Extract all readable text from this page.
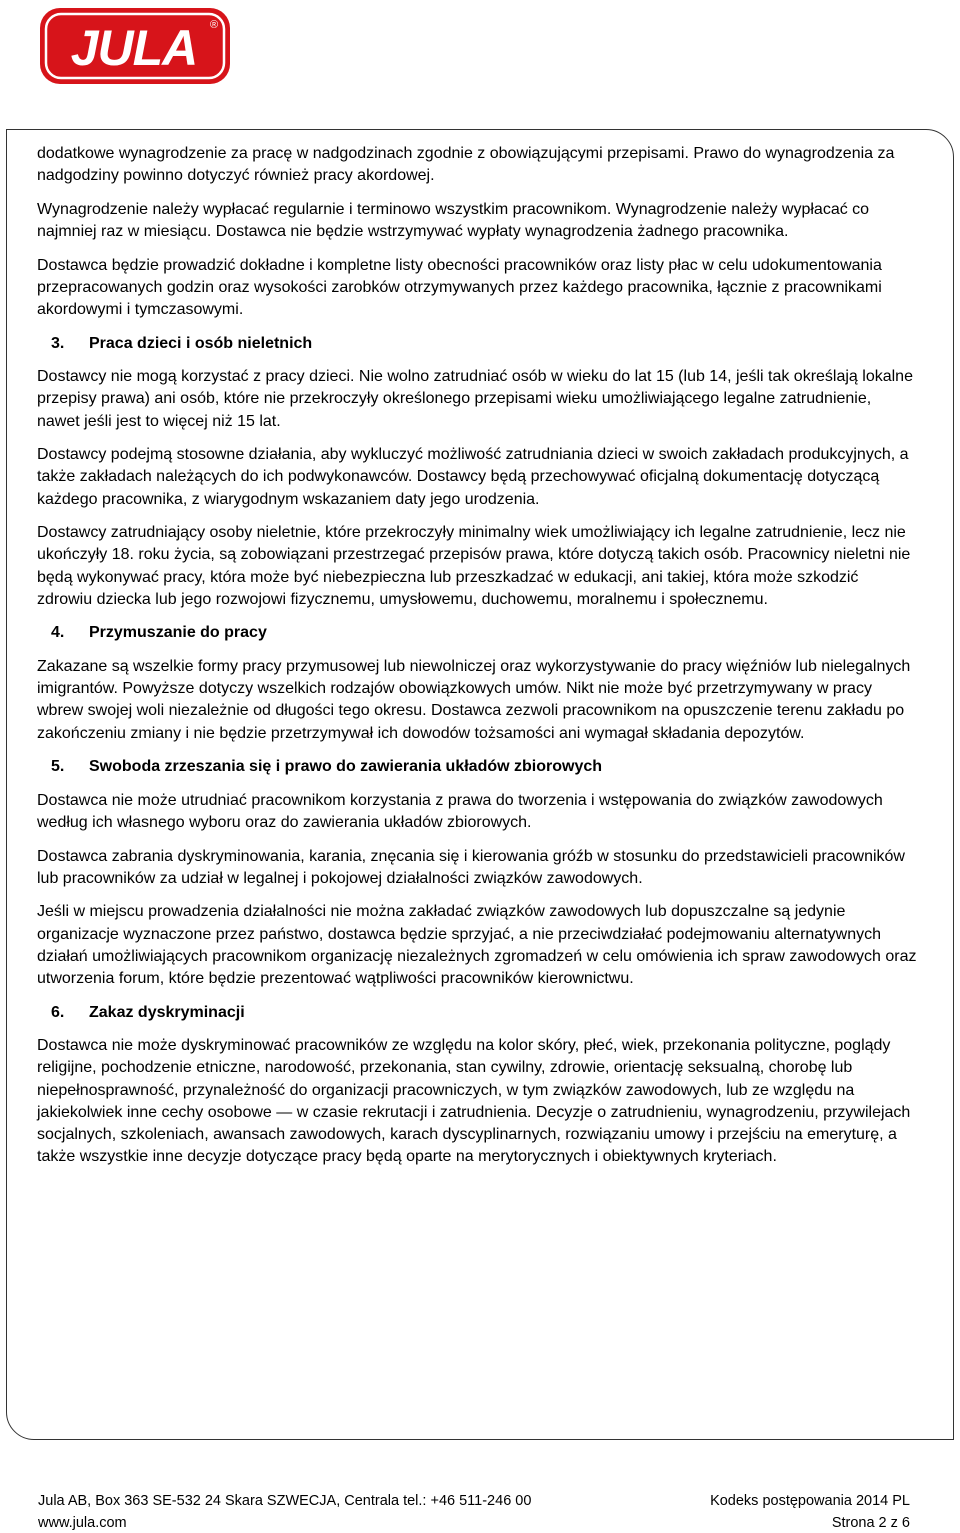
JULA ®

dodatkowe wynagrodzenie za pracę w nadgodzinach zgodnie z obowiązującymi przepisami. Prawo do wynagrodzenia za nadgodziny powinno dotyczyć również pracy akordowej.

Wynagrodzenie należy wypłacać regularnie i terminowo wszystkim pracownikom. Wynagrodzenie należy wypłacać co najmniej raz w miesiącu. Dostawca nie będzie wstrzymywać wypłaty wynagrodzenia żadnego pracownika.

Dostawca będzie prowadzić dokładne i kompletne listy obecności pracowników oraz listy płac w celu udokumentowania przepracowanych godzin oraz wysokości zarobków otrzymywanych przez każdego pracownika, łącznie z pracownikami akordowymi i tymczasowymi.

3.	Praca dzieci i osób nieletnich

Dostawcy nie mogą korzystać z pracy dzieci. Nie wolno zatrudniać osób w wieku do lat 15 (lub 14, jeśli tak określają lokalne przepisy prawa) ani osób, które nie przekroczyły określonego przepisami wieku umożliwiającego legalne zatrudnienie, nawet jeśli jest to więcej niż 15 lat.

Dostawcy podejmą stosowne działania, aby wykluczyć możliwość zatrudniania dzieci w swoich zakładach produkcyjnych, a także zakładach należących do ich podwykonawców. Dostawcy będą przechowywać oficjalną dokumentację dotyczącą każdego pracownika, z wiarygodnym wskazaniem daty jego urodzenia.

Dostawcy zatrudniający osoby nieletnie, które przekroczyły minimalny wiek umożliwiający ich legalne zatrudnienie, lecz nie ukończyły 18. roku życia, są zobowiązani przestrzegać przepisów prawa, które dotyczą takich osób. Pracownicy nieletni nie będą wykonywać pracy, która może być niebezpieczna lub przeszkadzać w edukacji, ani takiej, która może szkodzić zdrowiu dziecka lub jego rozwojowi fizycznemu, umysłowemu, duchowemu, moralnemu i społecznemu.

4.	Przymuszanie do pracy

Zakazane są wszelkie formy pracy przymusowej lub niewolniczej oraz wykorzystywanie do pracy więźniów lub nielegalnych imigrantów. Powyższe dotyczy wszelkich rodzajów obowiązkowych umów. Nikt nie może być przetrzymywany w pracy wbrew swojej woli niezależnie od długości tego okresu. Dostawca zezwoli pracownikom na opuszczenie terenu zakładu po zakończeniu zmiany i nie będzie przetrzymywał ich dowodów tożsamości ani wymagał składania depozytów.

5.	Swoboda zrzeszania się i prawo do zawierania układów zbiorowych

Dostawca nie może utrudniać pracownikom korzystania z prawa do tworzenia i wstępowania do związków zawodowych według ich własnego wyboru oraz do zawierania układów zbiorowych.

Dostawca zabrania dyskryminowania, karania, znęcania się i kierowania gróźb w stosunku do przedstawicieli pracowników lub pracowników za udział w legalnej i pokojowej działalności związków zawodowych.

Jeśli w miejscu prowadzenia działalności nie można zakładać związków zawodowych lub dopuszczalne są jedynie organizacje wyznaczone przez państwo, dostawca będzie sprzyjać, a nie przeciwdziałać podejmowaniu alternatywnych działań umożliwiających pracownikom organizację niezależnych zgromadzeń w celu omówienia ich spraw zawodowych oraz utworzenia forum, które będzie prezentować wątpliwości pracowników kierownictwu.

6.	Zakaz dyskryminacji

Dostawca nie może dyskryminować pracowników ze względu na kolor skóry, płeć, wiek, przekonania polityczne, poglądy religijne, pochodzenie etniczne, narodowość, przekonania, stan cywilny, zdrowie, orientację seksualną, chorobę lub niepełnosprawność, przynależność do organizacji pracowniczych, w tym związków zawodowych, lub ze względu na jakiekolwiek inne cechy osobowe — w czasie rekrutacji i zatrudnienia. Decyzje o zatrudnieniu, wynagrodzeniu, przywilejach socjalnych, szkoleniach, awansach zawodowych, karach dyscyplinarnych, rozwiązaniu umowy i przejściu na emeryturę, a także wszystkie inne decyzje dotyczące pracy będą oparte na merytorycznych i obiektywnych kryteriach.

Jula AB, Box 363 SE-532 24 Skara SZWECJA, Centrala tel.: +46 511-246 00	Kodeks postępowania 2014 PL
www.jula.com	Strona 2 z 6
